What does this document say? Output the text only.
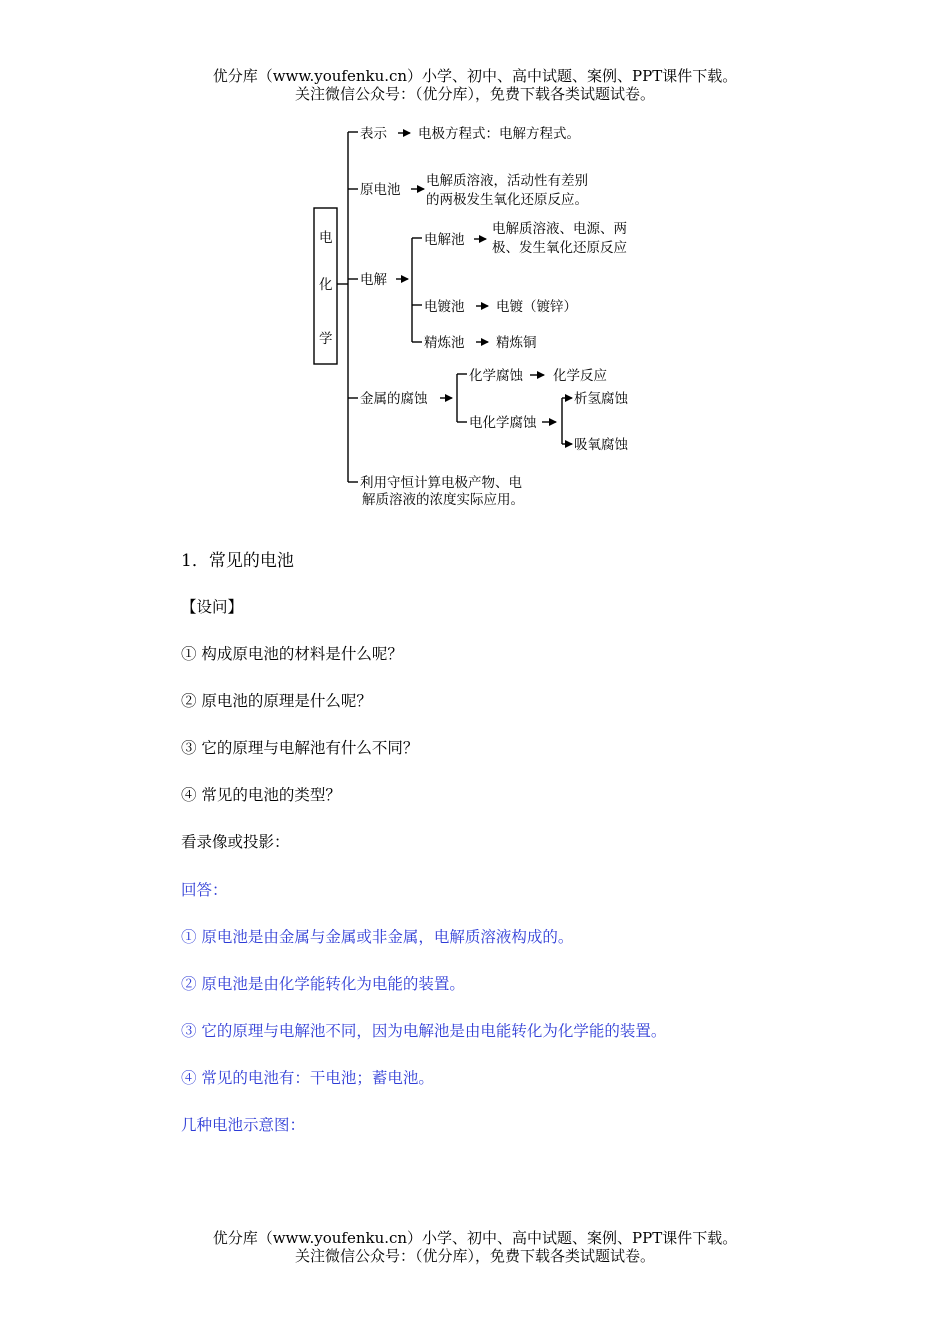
优分库（www.youfenku.cn）小学、初中、高中试题、案例、PPT课件下载。
关注微信公众号：（优分库），免费下载各类试题试卷。
电
化
学
表示 电极方程式：电解方程式。
原电池
电解质溶液，活动性有差别
的两极发生氧化还原反应。
电解
电解池
电解质溶液、电源、两
极、发生氧化还原反应
电镀池 电镀（镀锌）
精炼池 精炼铜
金属的腐蚀
化学腐蚀 化学反应
电化学腐蚀
析氢腐蚀
吸氧腐蚀
利用守恒计算电极产物、电
解质溶液的浓度实际应用。
1．常见的电池
【设问】
① 构成原电池的材料是什么呢？
② 原电池的原理是什么呢？
③ 它的原理与电解池有什么不同？
④ 常见的电池的类型？
看录像或投影：
回答：
① 原电池是由金属与金属或非金属，电解质溶液构成的。
② 原电池是由化学能转化为电能的装置。
③ 它的原理与电解池不同，因为电解池是由电能转化为化学能的装置。
④ 常见的电池有：干电池；蓄电池。
几种电池示意图：
优分库（www.youfenku.cn）小学、初中、高中试题、案例、PPT课件下载。
关注微信公众号：（优分库），免费下载各类试题试卷。
